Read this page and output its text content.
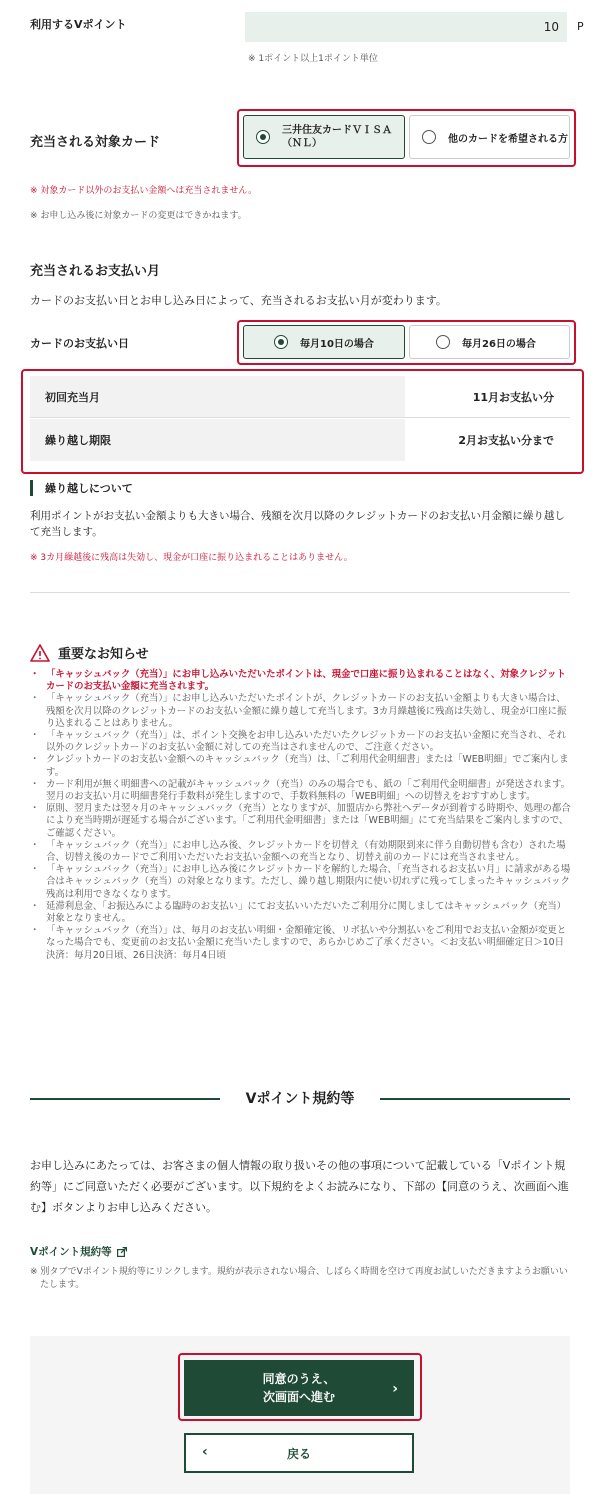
利用するVポイント
10	P
※ 1ポイント以上1ポイント単位
充当される対象カード
三井住友カードＶＩＳＡ（ＮＬ）	他のカードを希望される方
※ 対象カード以外のお支払い金額へは充当されません。
※ お申し込み後に対象カードの変更はできかねます。
充当されるお支払い月
カードのお支払い日とお申し込み日によって、充当されるお支払い月が変わります。
カードのお支払い日	毎月10日の場合	毎月26日の場合
初回充当月	11月お支払い分
繰り越し期限	2月お支払い分まで
繰り越しについて
利用ポイントがお支払い金額よりも大きい場合、残額を次月以降のクレジットカードのお支払い月金額に繰り越して充当します。
※ 3カ月繰越後に残高は失効し、現金が口座に振り込まれることはありません。
重要なお知らせ
・ 「キャッシュバック（充当）」にお申し込みいただいたポイントは、現金で口座に振り込まれることはなく、対象クレジットカードのお支払い金額に充当されます。
・ 「キャッシュバック（充当）」にお申し込みいただいたポイントが、クレジットカードのお支払い金額よりも大きい場合は、残額を次月以降のクレジットカードのお支払い金額に繰り越して充当します。3カ月繰越後に残高は失効し、現金が口座に振り込まれることはありません。
・ 「キャッシュバック（充当）」は、ポイント交換をお申し込みいただいたクレジットカードのお支払い金額に充当され、それ以外のクレジットカードのお支払い金額に対しての充当はされませんので、ご注意ください。
・ クレジットカードのお支払い金額へのキャッシュバック（充当）は、「ご利用代金明細書」または「WEB明細」でご案内します。
・ カード利用が無く明細書への記載がキャッシュバック（充当）のみの場合でも、紙の「ご利用代金明細書」が発送されます。翌月のお支払い月に明細書発行手数料が発生しますので、手数料無料の「WEB明細」への切替えをおすすめします。
・ 原則、翌月または翌々月のキャッシュバック（充当）となりますが、加盟店から弊社へデータが到着する時期や、処理の都合により充当時期が遅延する場合がございます。「ご利用代金明細書」または「WEB明細」にて充当結果をご案内しますので、ご確認ください。
・ 「キャッシュバック（充当）」にお申し込み後、クレジットカードを切替え（有効期限到来に伴う自動切替も含む）された場合、切替え後のカードでご利用いただいたお支払い金額への充当となり、切替え前のカードには充当されません。
・ 「キャッシュバック（充当）」にお申し込み後にクレジットカードを解約した場合、「充当されるお支払い月」に請求がある場合はキャッシュバック（充当）の対象となります。ただし、繰り越し期限内に使い切れずに残ってしまったキャッシュバック残高は利用できなくなります。
・ 延滞利息金、「お振込みによる臨時のお支払い」にてお支払いいただいたご利用分に関しましてはキャッシュバック（充当）対象となりません。
・ 「キャッシュバック（充当）」は、毎月のお支払い明細・金額確定後、リボ払いや分割払いをご利用でお支払い金額が変更となった場合でも、変更前のお支払い金額に充当いたしますので、あらかじめご了承ください。＜お支払い明細確定日＞10日決済：毎月20日頃、26日決済：毎月4日頃
Vポイント規約等
お申し込みにあたっては、お客さまの個人情報の取り扱いその他の事項について記載している「Vポイント規約等」にご同意いただく必要がございます。以下規約をよくお読みになり、下部の【同意のうえ、次画面へ進む】ボタンよりお申し込みください。
Vポイント規約等
※ 別タブでVポイント規約等にリンクします。規約が表示されない場合、しばらく時間を空けて再度お試しいただきますようお願いいたします。
同意のうえ、
次画面へ進む	›
‹	戻る
